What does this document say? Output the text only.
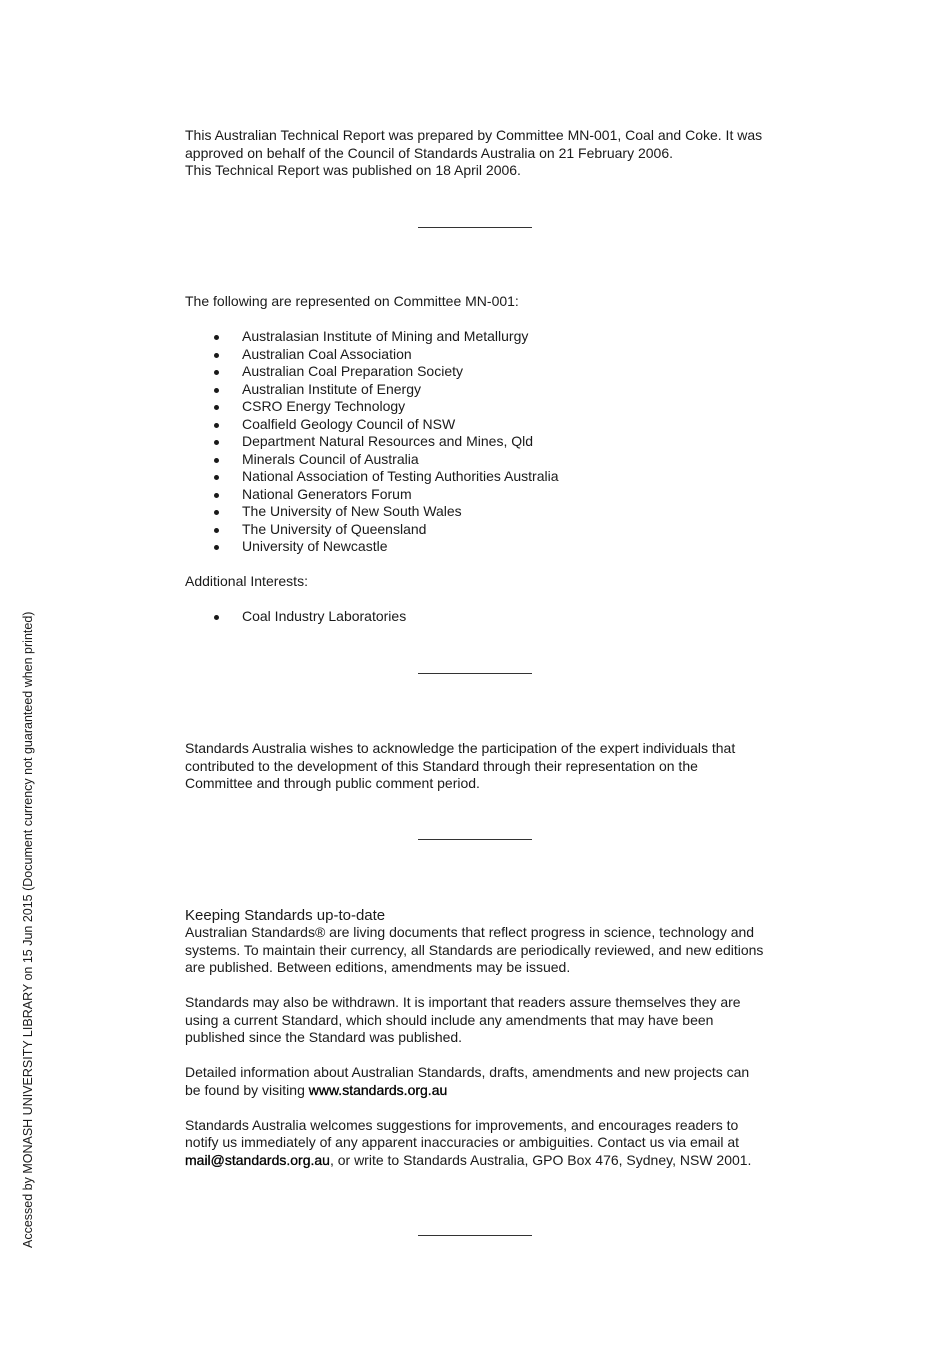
This Australian Technical Report was prepared by Committee MN-001, Coal and Coke. It was
approved on behalf of the Council of Standards Australia on 21 February 2006.
This Technical Report was published on 18 April 2006.
The following are represented on Committee MN-001:
Australasian Institute of Mining and Metallurgy
Australian Coal Association
Australian Coal Preparation Society
Australian Institute of Energy
CSRO Energy Technology
Coalfield Geology Council of NSW
Department Natural Resources and Mines, Qld
Minerals Council of Australia
National Association of Testing Authorities Australia
National Generators Forum
The University of New South Wales
The University of Queensland
University of Newcastle
Additional Interests:
Coal Industry Laboratories
Standards Australia wishes to acknowledge the participation of the expert individuals that
contributed to the development of this Standard through their representation on the
Committee and through public comment period.
Keeping Standards up-to-date
Australian Standards® are living documents that reflect progress in science, technology and
systems. To maintain their currency, all Standards are periodically reviewed, and new editions
are published. Between editions, amendments may be issued.
Standards may also be withdrawn. It is important that readers assure themselves they are
using a current Standard, which should include any amendments that may have been
published since the Standard was published.
Detailed information about Australian Standards, drafts, amendments and new projects can
be found by visiting www.standards.org.au
Standards Australia welcomes suggestions for improvements, and encourages readers to
notify us immediately of any apparent inaccuracies or ambiguities. Contact us via email at
mail@standards.org.au, or write to Standards Australia, GPO Box 476, Sydney, NSW 2001.
Accessed by MONASH UNIVERSITY LIBRARY on 15 Jun 2015 (Document currency not guaranteed when printed)
